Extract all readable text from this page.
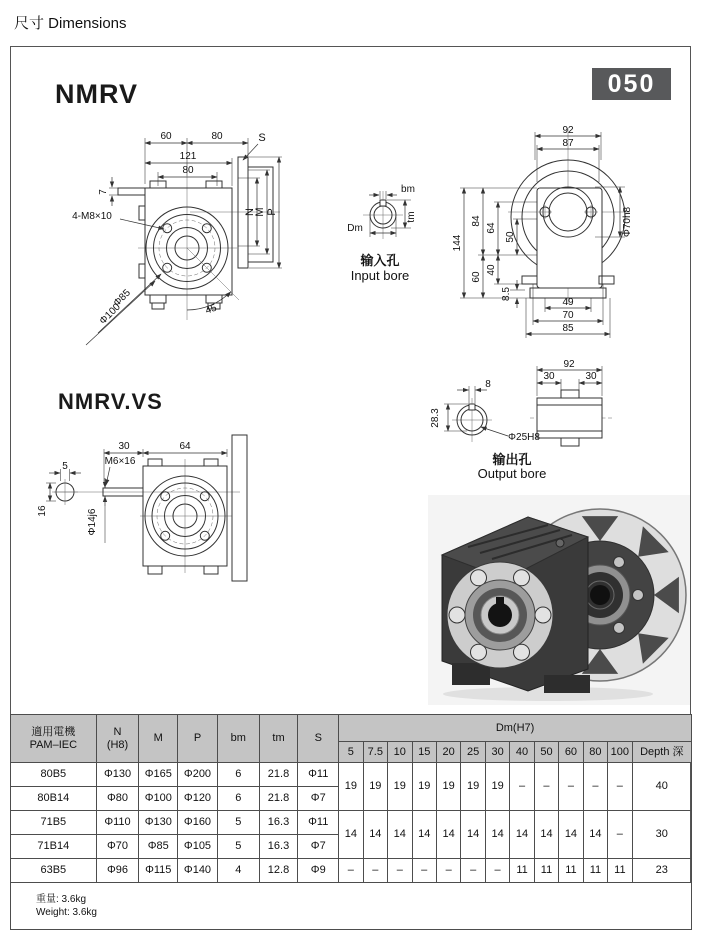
尺寸 Dimensions
NMRV	050
60	80
121
80
S
7
4-M8×10	N
M P
Φ85
Φ100	45
bm
Dm
tm
输入孔
Input bore
92
87
144
84
60
64
40
50
8.5
49
70
85
Φ70h8
NMRV.VS
5
16
M6×16
30	64
Φ14j6
8
28.3
Φ25H8
92
30	30
输出孔
Output bore
適用電機
PAM–IEC	N
(H8)	M	P	bm	tm	S	Dm(H7)												
							5	7.5	10	15	20	25	30	40	50	60	80	100	Depth 深
80B5	Φ130	Φ165	Φ200	6	21.8	Φ11	19	19	19	19	19	19	19	–	–	–	–	–	40
80B14	Φ80	Φ100	Φ120	6	21.8	Φ7													
71B5	Φ110	Φ130	Φ160	5	16.3	Φ11	14	14	14	14	14	14	14	14	14	14	14	–	30
71B14	Φ70	Φ85	Φ105	5	16.3	Φ7													
63B5	Φ96	Φ115	Φ140	4	12.8	Φ9	–	–	–	–	–	–	–	11	11	11	11	11	23

重量: 3.6kg
Weight: 3.6kg																			
